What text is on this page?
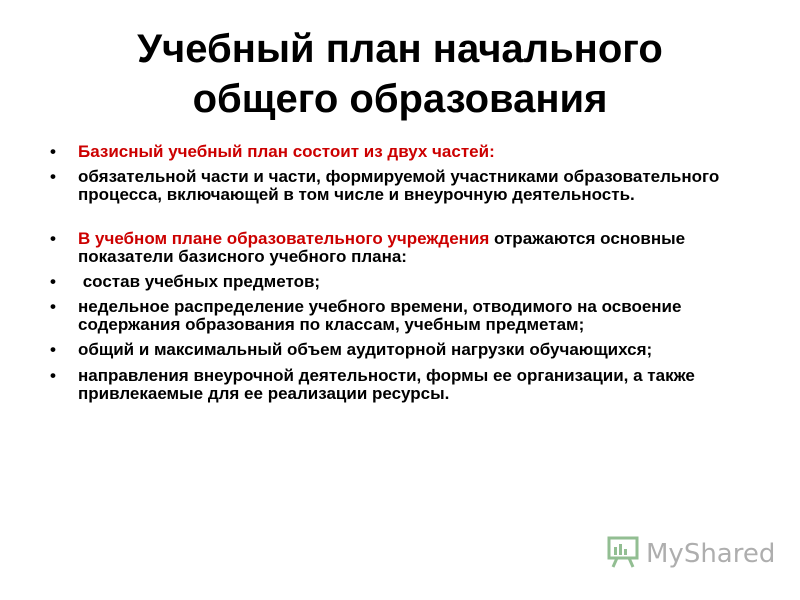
Учебный план начального
общего образования
• Базисный учебный план состоит из двух частей:
• обязательной части и части, формируемой участниками образовательного процесса, включающей в том числе и внеурочную деятельность.
• В учебном плане образовательного учреждения отражаются основные показатели базисного учебного плана:
• состав учебных предметов;
• недельное распределение учебного времени, отводимого на освоение содержания образования по классам, учебным предметам;
• общий и максимальный объем аудиторной нагрузки обучающихся;
• направления внеурочной деятельности, формы ее организации, а также привлекаемые для ее реализации ресурсы.
MyShared
